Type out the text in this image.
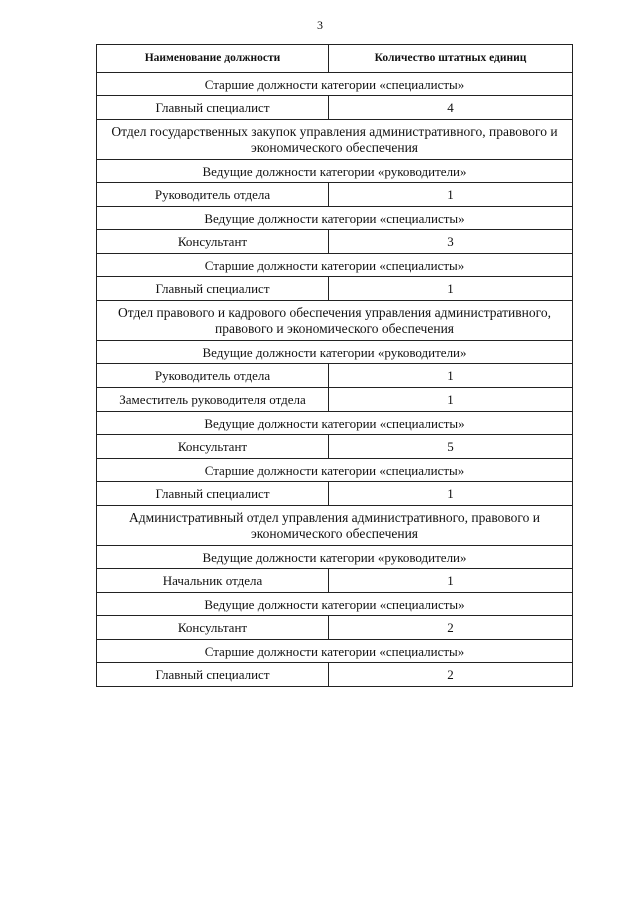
3
Наименование должности	Количество штатных единиц
Старшие должности категории «специалисты»	
Главный специалист	4
Отдел государственных закупок управления административного, правового и экономического обеспечения	
Ведущие должности категории «руководители»	
Руководитель отдела	1
Ведущие должности категории «специалисты»	
Консультант	3
Старшие должности категории «специалисты»	
Главный специалист	1
Отдел правового и кадрового обеспечения управления административного, правового и экономического обеспечения	
Ведущие должности категории «руководители»	
Руководитель отдела	1
Заместитель руководителя отдела	1
Ведущие должности категории «специалисты»	
Консультант	5
Старшие должности категории «специалисты»	
Главный специалист	1
Административный отдел управления административного, правового и экономического обеспечения	
Ведущие должности категории «руководители»	
Начальник отдела	1
Ведущие должности категории «специалисты»	
Консультант	2
Старшие должности категории «специалисты»	
Главный специалист	2
